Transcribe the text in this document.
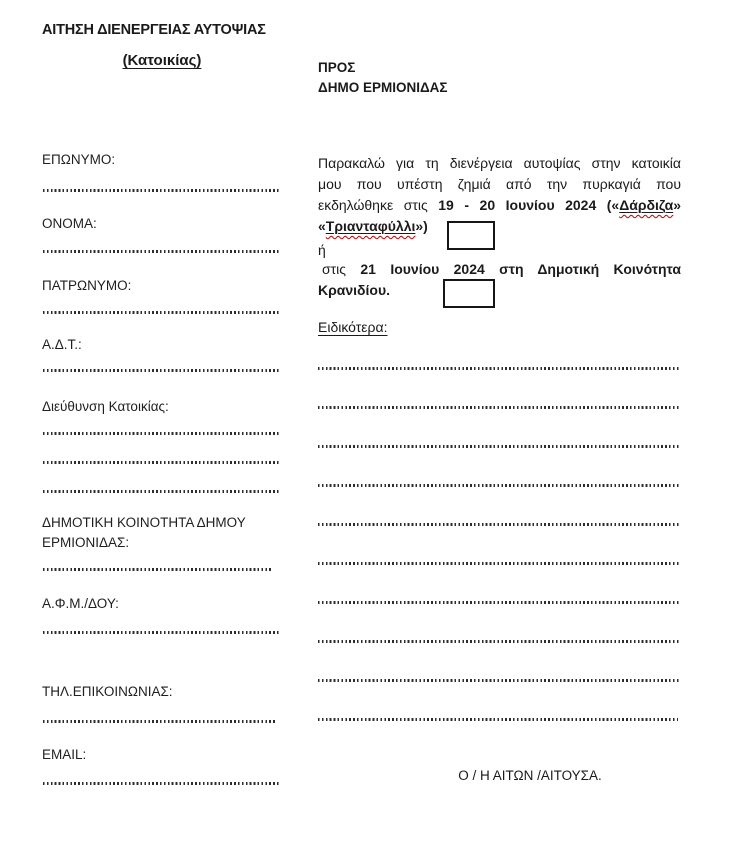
ΑΙΤΗΣΗ ΔΙΕΝΕΡΓΕΙΑΣ ΑΥΤΟΨΙΑΣ
(Κατοικίας)	ΠΡΟΣ
ΔΗΜΟ ΕΡΜΙΟΝΙΔΑΣ
ΕΠΩΝΥΜΟ:
ΟΝΟΜΑ:
ΠΑΤΡΩΝΥΜΟ:
Α.Δ.Τ.:
Διεύθυνση Κατοικίας:
ΔΗΜΟΤΙΚΗ ΚΟΙΝΟΤΗΤΑ ΔΗΜΟΥ ΕΡΜΙΟΝΙΔΑΣ:
Α.Φ.Μ./ΔΟΥ:
ΤΗΛ.ΕΠΙΚΟΙΝΩΝΙΑΣ:
EMAIL:
Παρακαλώ για τη διενέργεια αυτοψίας στην κατοικία
μου που υπέστη ζημιά από την πυρκαγιά που
εκδηλώθηκε στις 19 - 20 Ιουνίου 2024 («Δάρδιζα»
«Τριανταφύλλι»)
ή
στις 21 Ιουνίου 2024 στη Δημοτική Κοινότητα
Κρανιδίου.
Ειδικότερα:
Ο / Η ΑΙΤΩΝ /ΑΙΤΟΥΣΑ.
